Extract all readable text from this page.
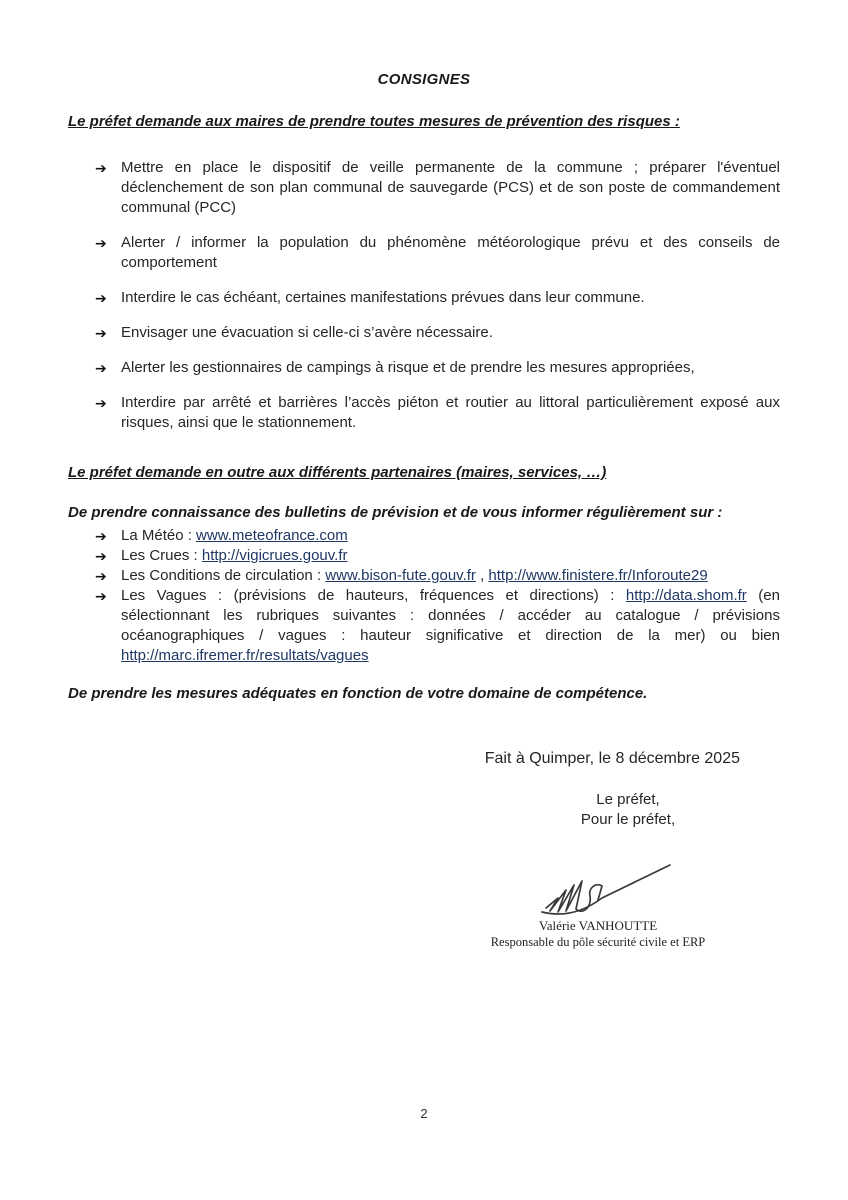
CONSIGNES
Le préfet demande aux maires de prendre toutes mesures de prévention des risques :
➔ Mettre en place le dispositif de veille permanente de la commune ; préparer l'éventuel déclenchement de son plan communal de sauvegarde (PCS) et de son poste de commandement communal (PCC)

➔ Alerter / informer la population du phénomène météorologique prévu et des conseils de comportement

➔ Interdire le cas échéant, certaines manifestations prévues dans leur commune.

➔ Envisager une évacuation si celle-ci s’avère nécessaire.

➔ Alerter les gestionnaires de campings à risque et de prendre les mesures appropriées,

➔ Interdire par arrêté et barrières l’accès piéton et routier au littoral particulièrement exposé aux risques, ainsi que le stationnement.

Le préfet demande en outre aux différents partenaires (maires, services, …)

De prendre connaissance des bulletins de prévision et de vous informer régulièrement sur :

➔ La Météo : www.meteofrance.com

➔ Les Crues : http://vigicrues.gouv.fr

➔ Les Conditions de circulation : www.bison-fute.gouv.fr , http://www.finistere.fr/Inforoute29

➔ Les Vagues : (prévisions de hauteurs, fréquences et directions) : http://data.shom.fr (en sélectionnant les rubriques suivantes : données / accéder au catalogue / prévisions océanographiques / vagues : hauteur significative et direction de la mer) ou bien http://marc.ifremer.fr/resultats/vagues

De prendre les mesures adéquates en fonction de votre domaine de compétence.

Fait à Quimper, le 8 décembre 2025

Le préfet,

Pour le préfet,

Valérie VANHOUTTE

Responsable du pôle sécurité civile et ERP

2
